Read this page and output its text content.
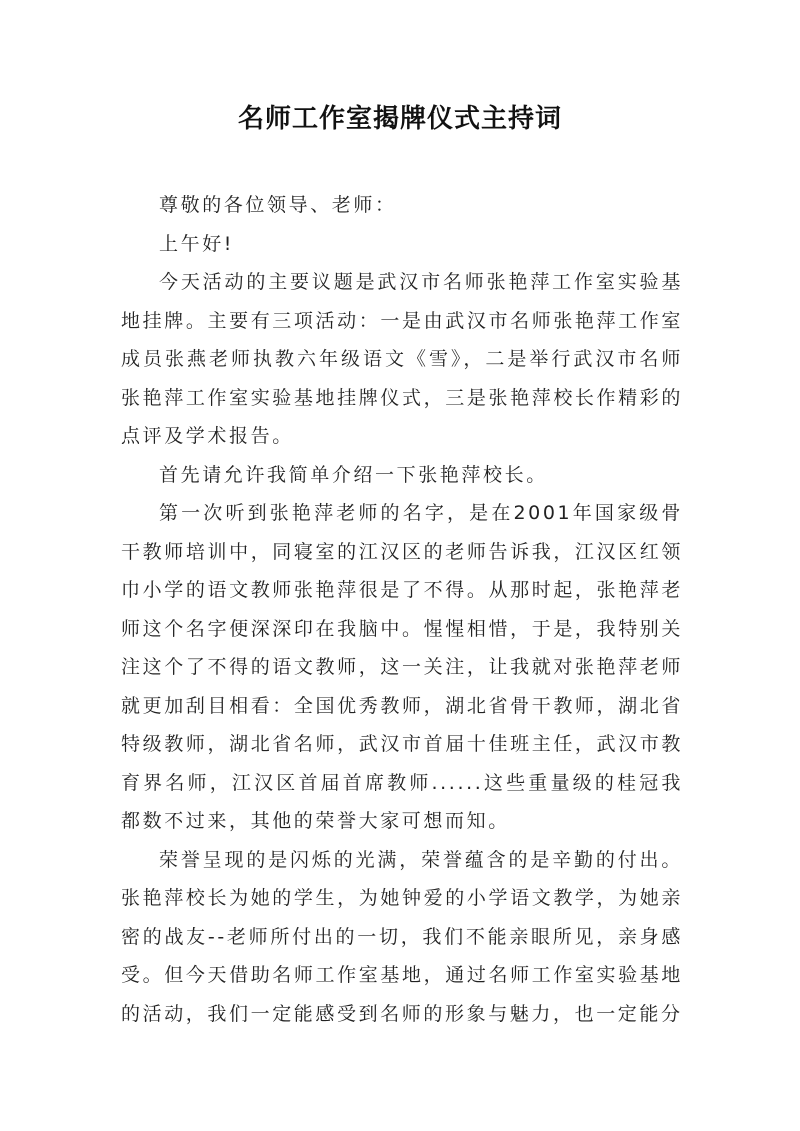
名师工作室揭牌仪式主持词

尊敬的各位领导、老师：

上午好!

今天活动的主要议题是武汉市名师张艳萍工作室实验基地挂牌。主要有三项活动：一是由武汉市名师张艳萍工作室成员张燕老师执教六年级语文《雪》，二是举行武汉市名师张艳萍工作室实验基地挂牌仪式，三是张艳萍校长作精彩的点评及学术报告。

首先请允许我简单介绍一下张艳萍校长。

第一次听到张艳萍老师的名字，是在2001年国家级骨干教师培训中，同寝室的江汉区的老师告诉我，江汉区红领巾小学的语文教师张艳萍很是了不得。从那时起，张艳萍老师这个名字便深深印在我脑中。惺惺相惜，于是，我特别关注这个了不得的语文教师，这一关注，让我就对张艳萍老师就更加刮目相看：全国优秀教师，湖北省骨干教师，湖北省特级教师，湖北省名师，武汉市首届十佳班主任，武汉市教育界名师，江汉区首届首席教师......这些重量级的桂冠我都数不过来，其他的荣誉大家可想而知。

荣誉呈现的是闪烁的光满，荣誉蕴含的是辛勤的付出。张艳萍校长为她的学生，为她钟爱的小学语文教学，为她亲密的战友--老师所付出的一切，我们不能亲眼所见，亲身感受。但今天借助名师工作室基地，通过名师工作室实验基地的活动，我们一定能感受到名师的形象与魅力，也一定能分
